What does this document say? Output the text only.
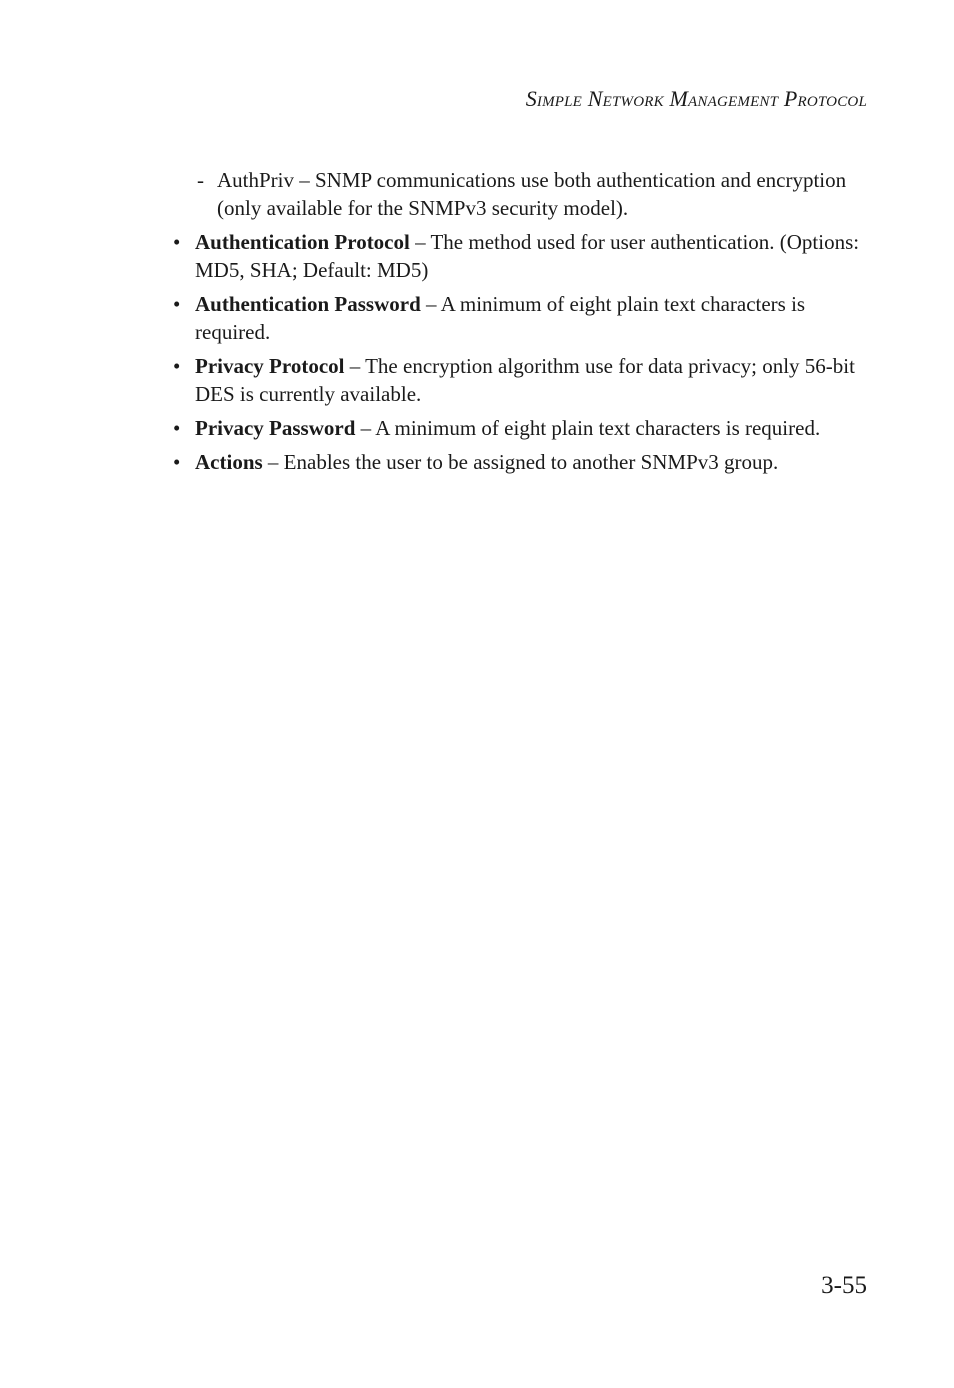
Simple Network Management Protocol
- AuthPriv – SNMP communications use both authentication and encryption (only available for the SNMPv3 security model).
• Authentication Protocol – The method used for user authentication. (Options: MD5, SHA; Default: MD5)
• Authentication Password – A minimum of eight plain text characters is required.
• Privacy Protocol – The encryption algorithm use for data privacy; only 56-bit DES is currently available.
• Privacy Password – A minimum of eight plain text characters is required.
• Actions – Enables the user to be assigned to another SNMPv3 group.
3-55
